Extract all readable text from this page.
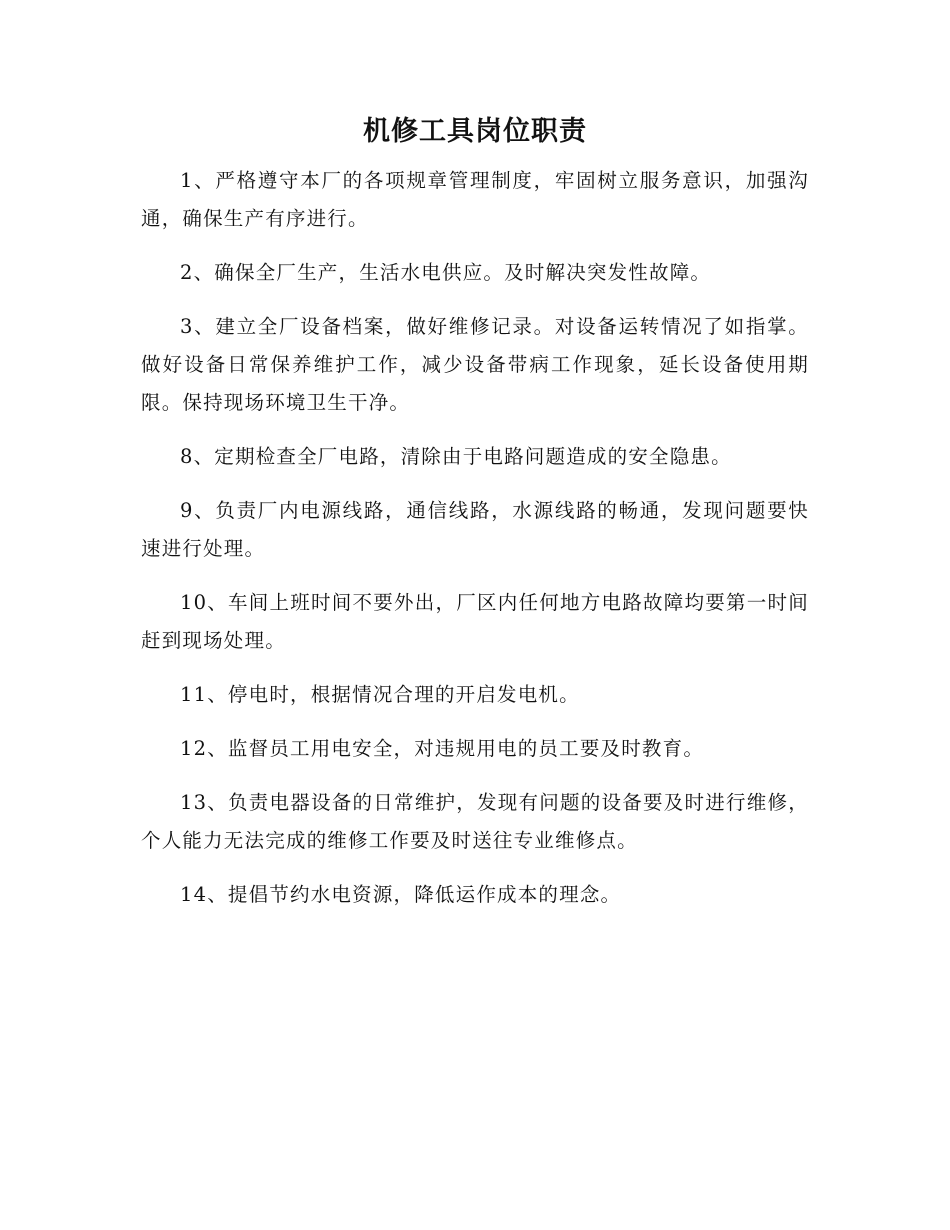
机修工具岗位职责

1、严格遵守本厂的各项规章管理制度，牢固树立服务意识，加强沟通，确保生产有序进行。

2、确保全厂生产，生活水电供应。及时解决突发性故障。

3、建立全厂设备档案，做好维修记录。对设备运转情况了如指掌。做好设备日常保养维护工作，减少设备带病工作现象，延长设备使用期限。保持现场环境卫生干净。

8、定期检查全厂电路，清除由于电路问题造成的安全隐患。

9、负责厂内电源线路，通信线路，水源线路的畅通，发现问题要快速进行处理。

10、车间上班时间不要外出，厂区内任何地方电路故障均要第一时间赶到现场处理。

11、停电时，根据情况合理的开启发电机。

12、监督员工用电安全，对违规用电的员工要及时教育。

13、负责电器设备的日常维护，发现有问题的设备要及时进行维修，个人能力无法完成的维修工作要及时送往专业维修点。

14、提倡节约水电资源，降低运作成本的理念。
